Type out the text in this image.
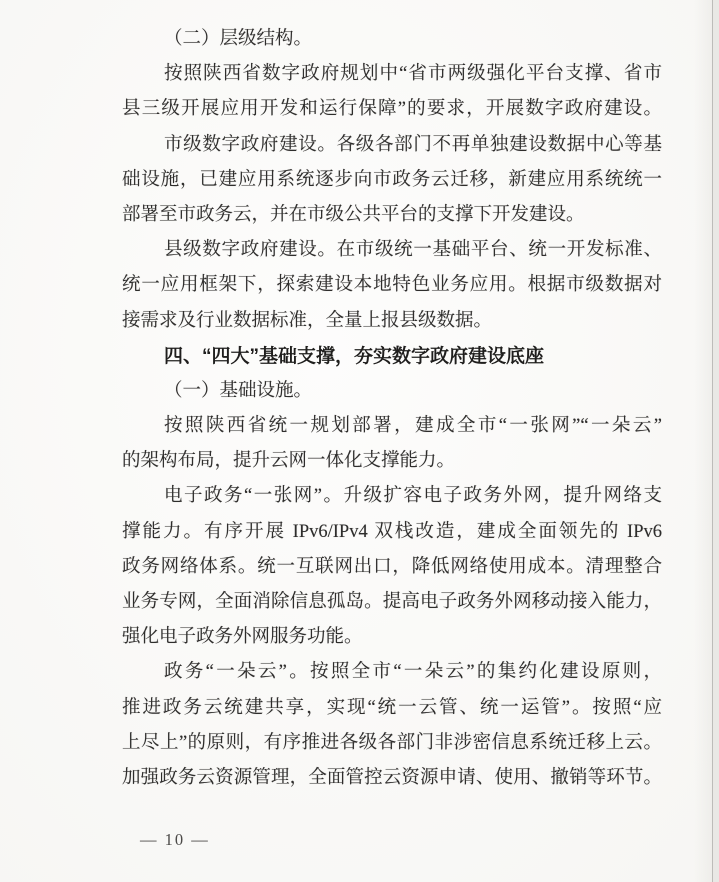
（二）层级结构。
按照陕西省数字政府规划中“省市两级强化平台支撑、省市
县三级开展应用开发和运行保障”的要求，开展数字政府建设。
市级数字政府建设。各级各部门不再单独建设数据中心等基
础设施，已建应用系统逐步向市政务云迁移，新建应用系统统一
部署至市政务云，并在市级公共平台的支撑下开发建设。
县级数字政府建设。在市级统一基础平台、统一开发标准、
统一应用框架下，探索建设本地特色业务应用。根据市级数据对
接需求及行业数据标准，全量上报县级数据。
四、“四大”基础支撑，夯实数字政府建设底座
（一）基础设施。
按照陕西省统一规划部署，建成全市“一张网”“一朵云”
的架构布局，提升云网一体化支撑能力。
电子政务“一张网”。升级扩容电子政务外网，提升网络支
撑能力。有序开展 IPv6/IPv4 双栈改造，建成全面领先的 IPv6
政务网络体系。统一互联网出口，降低网络使用成本。清理整合
业务专网，全面消除信息孤岛。提高电子政务外网移动接入能力，
强化电子政务外网服务功能。
政务“一朵云”。按照全市“一朵云”的集约化建设原则，
推进政务云统建共享，实现“统一云管、统一运管”。按照“应
上尽上”的原则，有序推进各级各部门非涉密信息系统迁移上云。
加强政务云资源管理，全面管控云资源申请、使用、撤销等环节。
— 10 —
